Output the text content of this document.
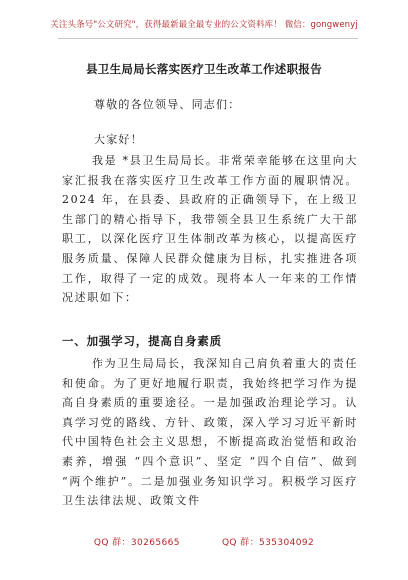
关注头条号"公文研究"，获得最新最全最专业的公文资料库！ 微信：gongwenyj
县卫生局局长落实医疗卫生改革工作述职报告
尊敬的各位领导、同志们：
大家好！
我是 *县卫生局局长。非常荣幸能够在这里向大家汇报我在落实医疗卫生改革工作方面的履职情况。2024 年，在县委、县政府的正确领导下，在上级卫生部门的精心指导下，我带领全县卫生系统广大干部职工，以深化医疗卫生体制改革为核心，以提高医疗服务质量、保障人民群众健康为目标，扎实推进各项工作，取得了一定的成效。现将本人一年来的工作情况述职如下：
一、加强学习，提高自身素质
作为卫生局局长，我深知自己肩负着重大的责任和使命。为了更好地履行职责，我始终把学习作为提高自身素质的重要途径。一是加强政治理论学习。认真学习党的路线、方针、政策，深入学习习近平新时代中国特色社会主义思想，不断提高政治觉悟和政治素养，增强 “四个意识”、坚定 “四个自信”、做到 “两个维护”。二是加强业务知识学习。积极学习医疗卫生法律法规、政策文件
QQ 群：30265665	QQ 群：535304092
